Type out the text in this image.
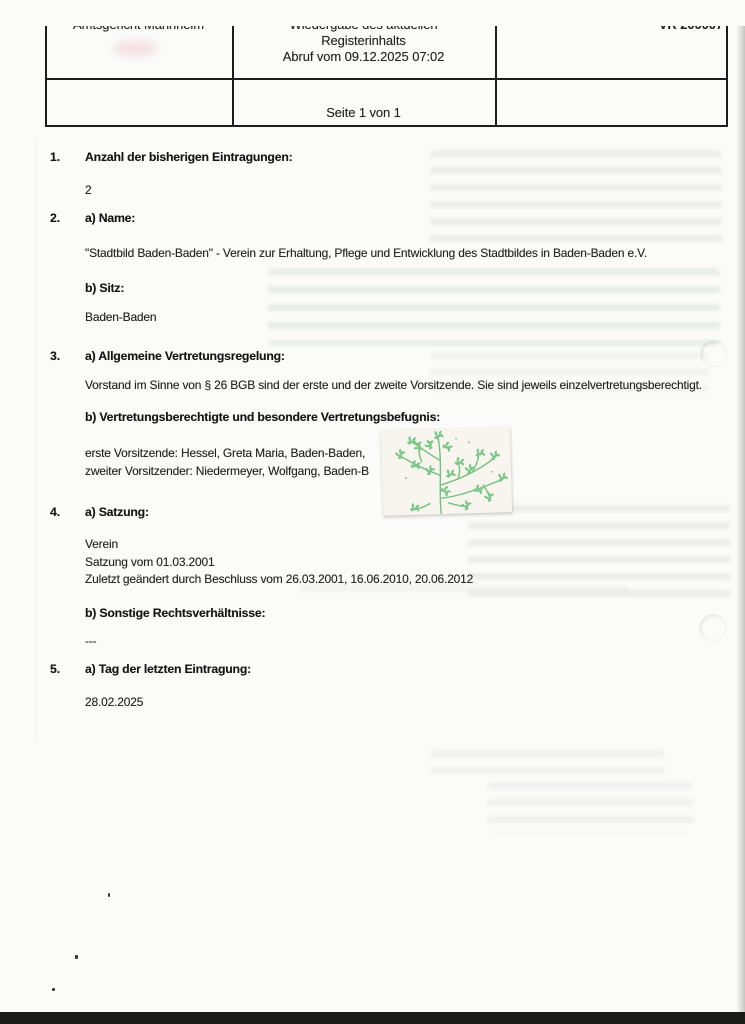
Registerinhalts
Abruf vom 09.12.2025 07:02
Seite 1 von 1
1. Anzahl der bisherigen Eintragungen:
2
2. a) Name:
"Stadtbild Baden-Baden" - Verein zur Erhaltung, Pflege und Entwicklung des Stadtbildes in Baden-Baden e.V.
b) Sitz:
Baden-Baden
3. a) Allgemeine Vertretungsregelung:
Vorstand im Sinne von § 26 BGB sind der erste und der zweite Vorsitzende. Sie sind jeweils einzelvertretungsberechtigt.
b) Vertretungsberechtigte und besondere Vertretungsbefugnis:
erste Vorsitzende: Hessel, Greta Maria, Baden-Baden,
zweiter Vorsitzender: Niedermeyer, Wolfgang, Baden-B
4. a) Satzung:
Verein
Satzung vom 01.03.2001
Zuletzt geändert durch Beschluss vom 26.03.2001, 16.06.2010, 20.06.2012
b) Sonstige Rechtsverhältnisse:
---
5. a) Tag der letzten Eintragung:
28.02.2025
